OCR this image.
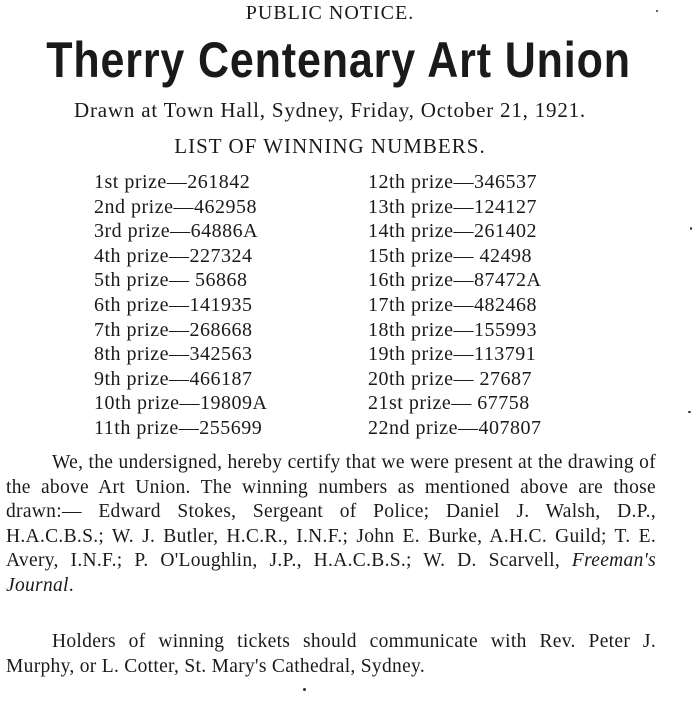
PUBLIC NOTICE.
Therry Centenary Art Union
Drawn at Town Hall, Sydney, Friday, October 21, 1921.
LIST OF WINNING NUMBERS.
1st prize—261842
2nd prize—462958
3rd prize—64886A
4th prize—227324
5th prize— 56868
6th prize—141935
7th prize—268668
8th prize—342563
9th prize—466187
10th prize—19809A
11th prize—255699
12th prize—346537
13th prize—124127
14th prize—261402
15th prize— 42498
16th prize—87472A
17th prize—482468
18th prize—155993
19th prize—113791
20th prize— 27687
21st prize— 67758
22nd prize—407807

We, the undersigned, hereby certify that we were present at the drawing of the above Art Union. The winning numbers as mentioned above are those drawn:— Edward Stokes, Sergeant of Police; Daniel J. Walsh, D.P., H.A.C.B.S.; W. J. Butler, H.C.R., I.N.F.; John E. Burke, A.H.C. Guild; T. E. Avery, I.N.F.; P. O'Loughlin, J.P., H.A.C.B.S.; W. D. Scarvell, Freeman's Journal.

Holders of winning tickets should communicate with Rev. Peter J. Murphy, or L. Cotter, St. Mary's Cathedral, Sydney.
